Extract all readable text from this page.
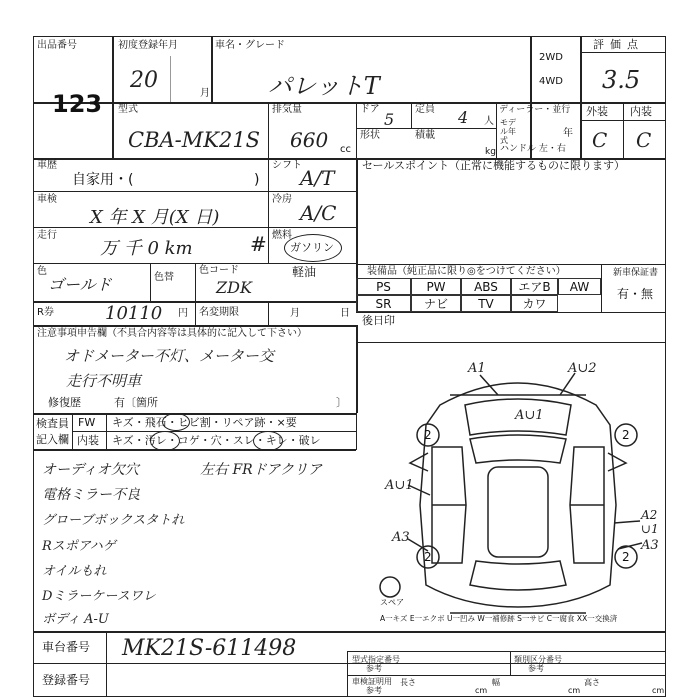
出品番号
123
初度登録年月
20
月
車名・グレード
パレットT
2WD
4WD
評価点
3.5
型式
CBA-MK21S
排気量
660 cc
ドア
5
定員 4 人
形状	積載
kg
ディーラー・並行
モデル年式
年
ハンドル 左・右
外装 内装
C C
車歴
自家用・(	)
シフト
A/T
車検
X 年 X 月(X 日)
冷房
A/C
走行
万 千 0 km	# 燃料
ガソリン
軽油
色
ゴールド	色替
色コード
ZDK
R券	10110 円 名変期限	月	日
セールスポイント（正常に機能するものに限ります）
装備品（純正品に限り◎をつけてください）	新車保証書
有・無
PS	PW	ABS	エアB	AW
SR	ナビ	TV	カワ
後日印
注意事項申告欄（不具合内容等は具体的に記入して下さい）
オドメーター不灯、メーター交
走行不明車
修復歴	有〔箇所	〕
検査員
記入欄
FW キズ・飛石・ヒビ割・リペア跡・×要
内装 キズ・汚レ・コゲ・穴・スレ・キレ・破レ
オーディオ欠穴
電格ミラー不良
グローブボックスタトれ
Rスポアハゲ
オイルもれ
Dミラーケースワレ
ボディ A-U
左右 FRドアクリア
A1	A∪2
A∪1
A∪1
A3
A2 ∪1
A3
2	2
2	2
スペア
A一キズ E一エクボ U一凹み W一補修跡 S一サビ C一腐食 XX一交換済
車台番号 MK21S-611498
登録番号
型式指定番号
参考
類別区分番号
参考
車検証明用
参考
長さ
cm
幅
cm
高さ
cm
